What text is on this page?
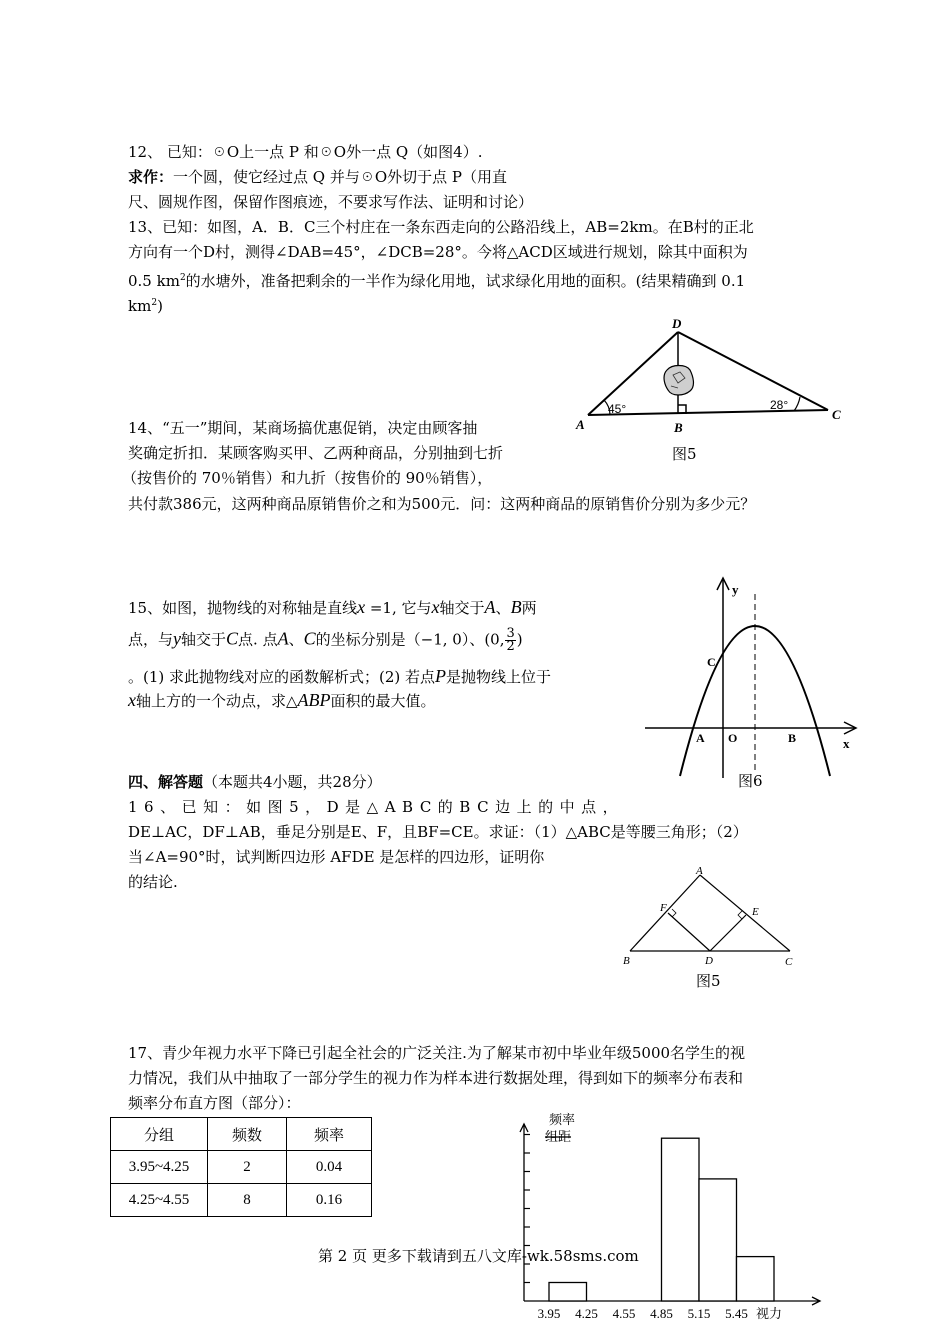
12、 已知：☉O上一点 P 和☉O外一点 Q（如图4）.
求作：一个圆，使它经过点 Q 并与☉O外切于点 P（用直
尺、圆规作图，保留作图痕迹，不要求写作法、证明和讨论）
13、已知：如图，A．B．C三个村庄在一条东西走向的公路沿线上，AB=2km。在B村的正北
方向有一个D村，测得∠DAB=45°，∠DCB=28°。今将△ACD区域进行规划，除其中面积为
0.5 $km^2$的水塘外，准备把剩余的一半作为绿化用地，试求绿化用地的面积。(结果精确到 0.1
$km^2$)
D
A	B
C
45°	28°
图5
14、“五一”期间，某商场搞优惠促销，决定由顾客抽
奖确定折扣．某顾客购买甲、乙两种商品，分别抽到七折
（按售价的 70％销售）和九折（按售价的 90％销售），
共付款386元，这两种商品原销售价之和为500元．问：这两种商品的原销售价分别为多少元？
15、如图，抛物线的对称轴是直线x =1, 它与x轴交于A、B两
点，与y轴交于C点. 点A、C的坐标分别是（−1, 0）、(0, $\frac{3}{2}$ )
。(1) 求此抛物线对应的函数解析式；(2) 若点P是抛物线上位于
x轴上方的一个动点，求△ABP面积的最大值。
y
x
C
A O	B
图6
四、解答题（本题共4小题，共28分）
16、已知：如图5，D是△ABC的BC边上的中点，
DE⊥AC，DF⊥AB，垂足分别是E、F，且BF=CE。求证：（1）△ABC是等腰三角形；（2）
当∠A=90°时，试判断四边形 AFDE 是怎样的四边形，证明你
的结论.
A
B	C
D
E
F
图5
17、青少年视力水平下降已引起全社会的广泛关注.为了解某市初中毕业年级5000名学生的视
力情况，我们从中抽取了一部分学生的视力作为样本进行数据处理，得到如下的频率分布表和
频率分布直方图（部分）：
分组	频数	频率
3.95~4.25	2	0.04
4.25~4.55	8	0.16
频率
组距
3.95 4.25 4.55 4.85 5.15 5.45 视力
第 2 页 更多下载请到五八文库-wk.58sms.com
